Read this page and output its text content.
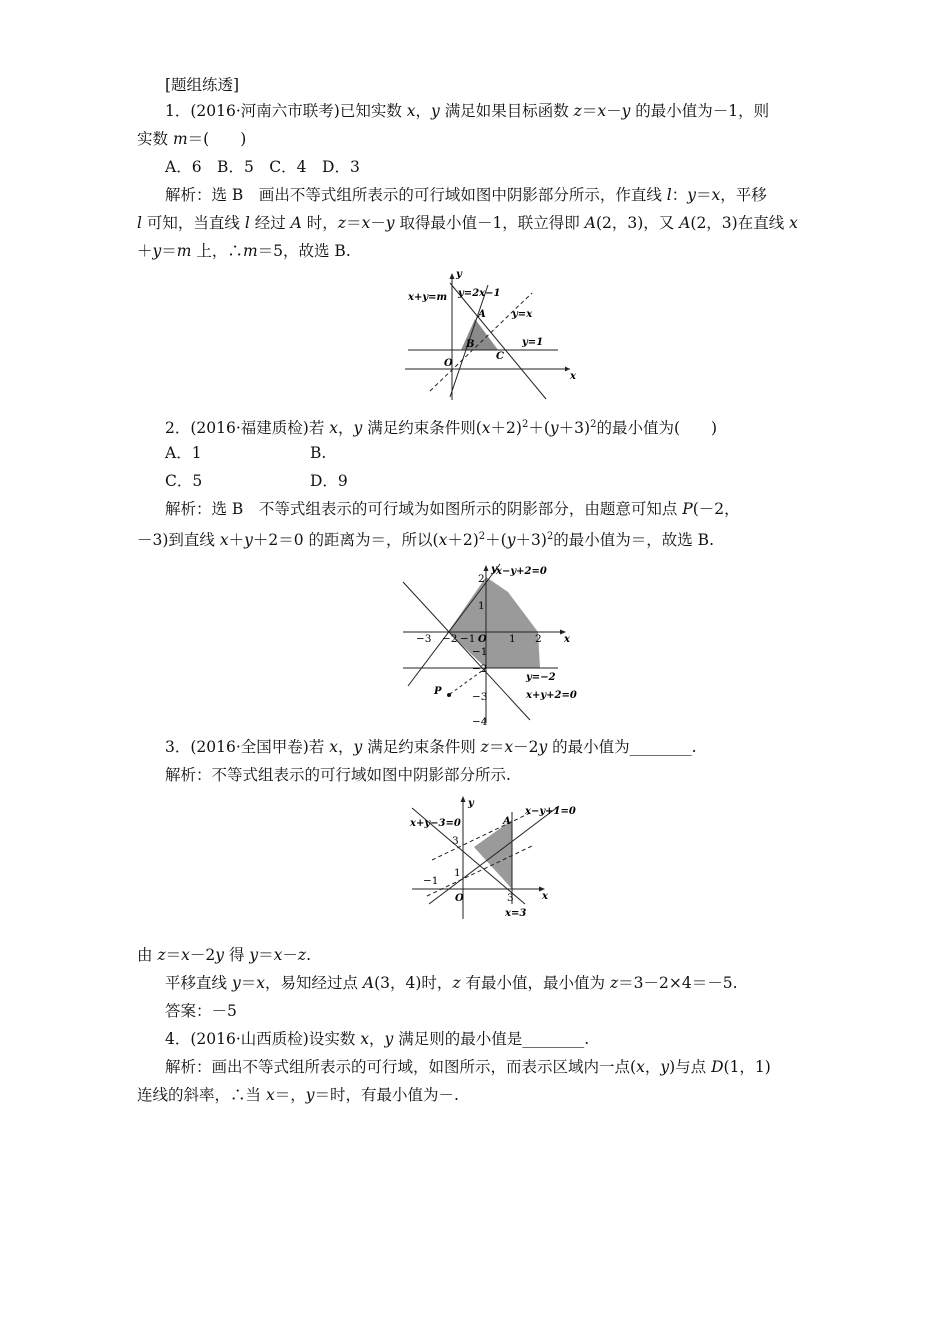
[题组练透]
1．(2016·河南六市联考)已知实数 x，y 满足如果目标函数 z＝x－y 的最小值为－1，则
实数 m＝(　　)
A．6　B．5　C．4　D．3
解析：选 B　画出不等式组所表示的可行域如图中阴影部分所示，作直线 l：y＝x，平移
l 可知，当直线 l 经过 A 时，z＝x－y 取得最小值－1，联立得即 A(2，3)，又 A(2，3)在直线 x
＋y＝m 上，∴m＝5，故选 B.
y
x
x+y=m y=2x−1
y=x
y=1
A
B
C
O
2．(2016·福建质检)若 x，y 满足约束条件则$(x+2)^2+(y+3)^2$的最小值为(　　)
A．1	B.
C．5	D．9
解析：选 B　不等式组表示的可行域为如图所示的阴影部分，由题意可知点 P(－2，
－3)到直线 x＋y＋2＝0 的距离为＝，所以$(x+2)^2+(y+3)^2$的最小值为＝，故选 B.
y
x
x−y+2=0
y=−2
x+y+2=0
P
O
−3 −2 −1	1 2
2
1
−1
−2
−3
−4
3．(2016·全国甲卷)若 x，y 满足约束条件则 z＝x－2y 的最小值为________.
解析：不等式组表示的可行域如图中阴影部分所示.
y
x
x+y−3=0
x−y+1=0
x=3
A
O
3
1
−1
3
由 z＝x－2y 得 y＝x－z.
平移直线 y＝x，易知经过点 A(3，4)时，z 有最小值，最小值为 z＝3－2×4＝－5.
答案：－5
4．(2016·山西质检)设实数 x，y 满足则的最小值是________.
解析：画出不等式组所表示的可行域，如图所示，而表示区域内一点(x，y)与点 D(1，1)
连线的斜率，∴当 x＝，y＝时，有最小值为－.
